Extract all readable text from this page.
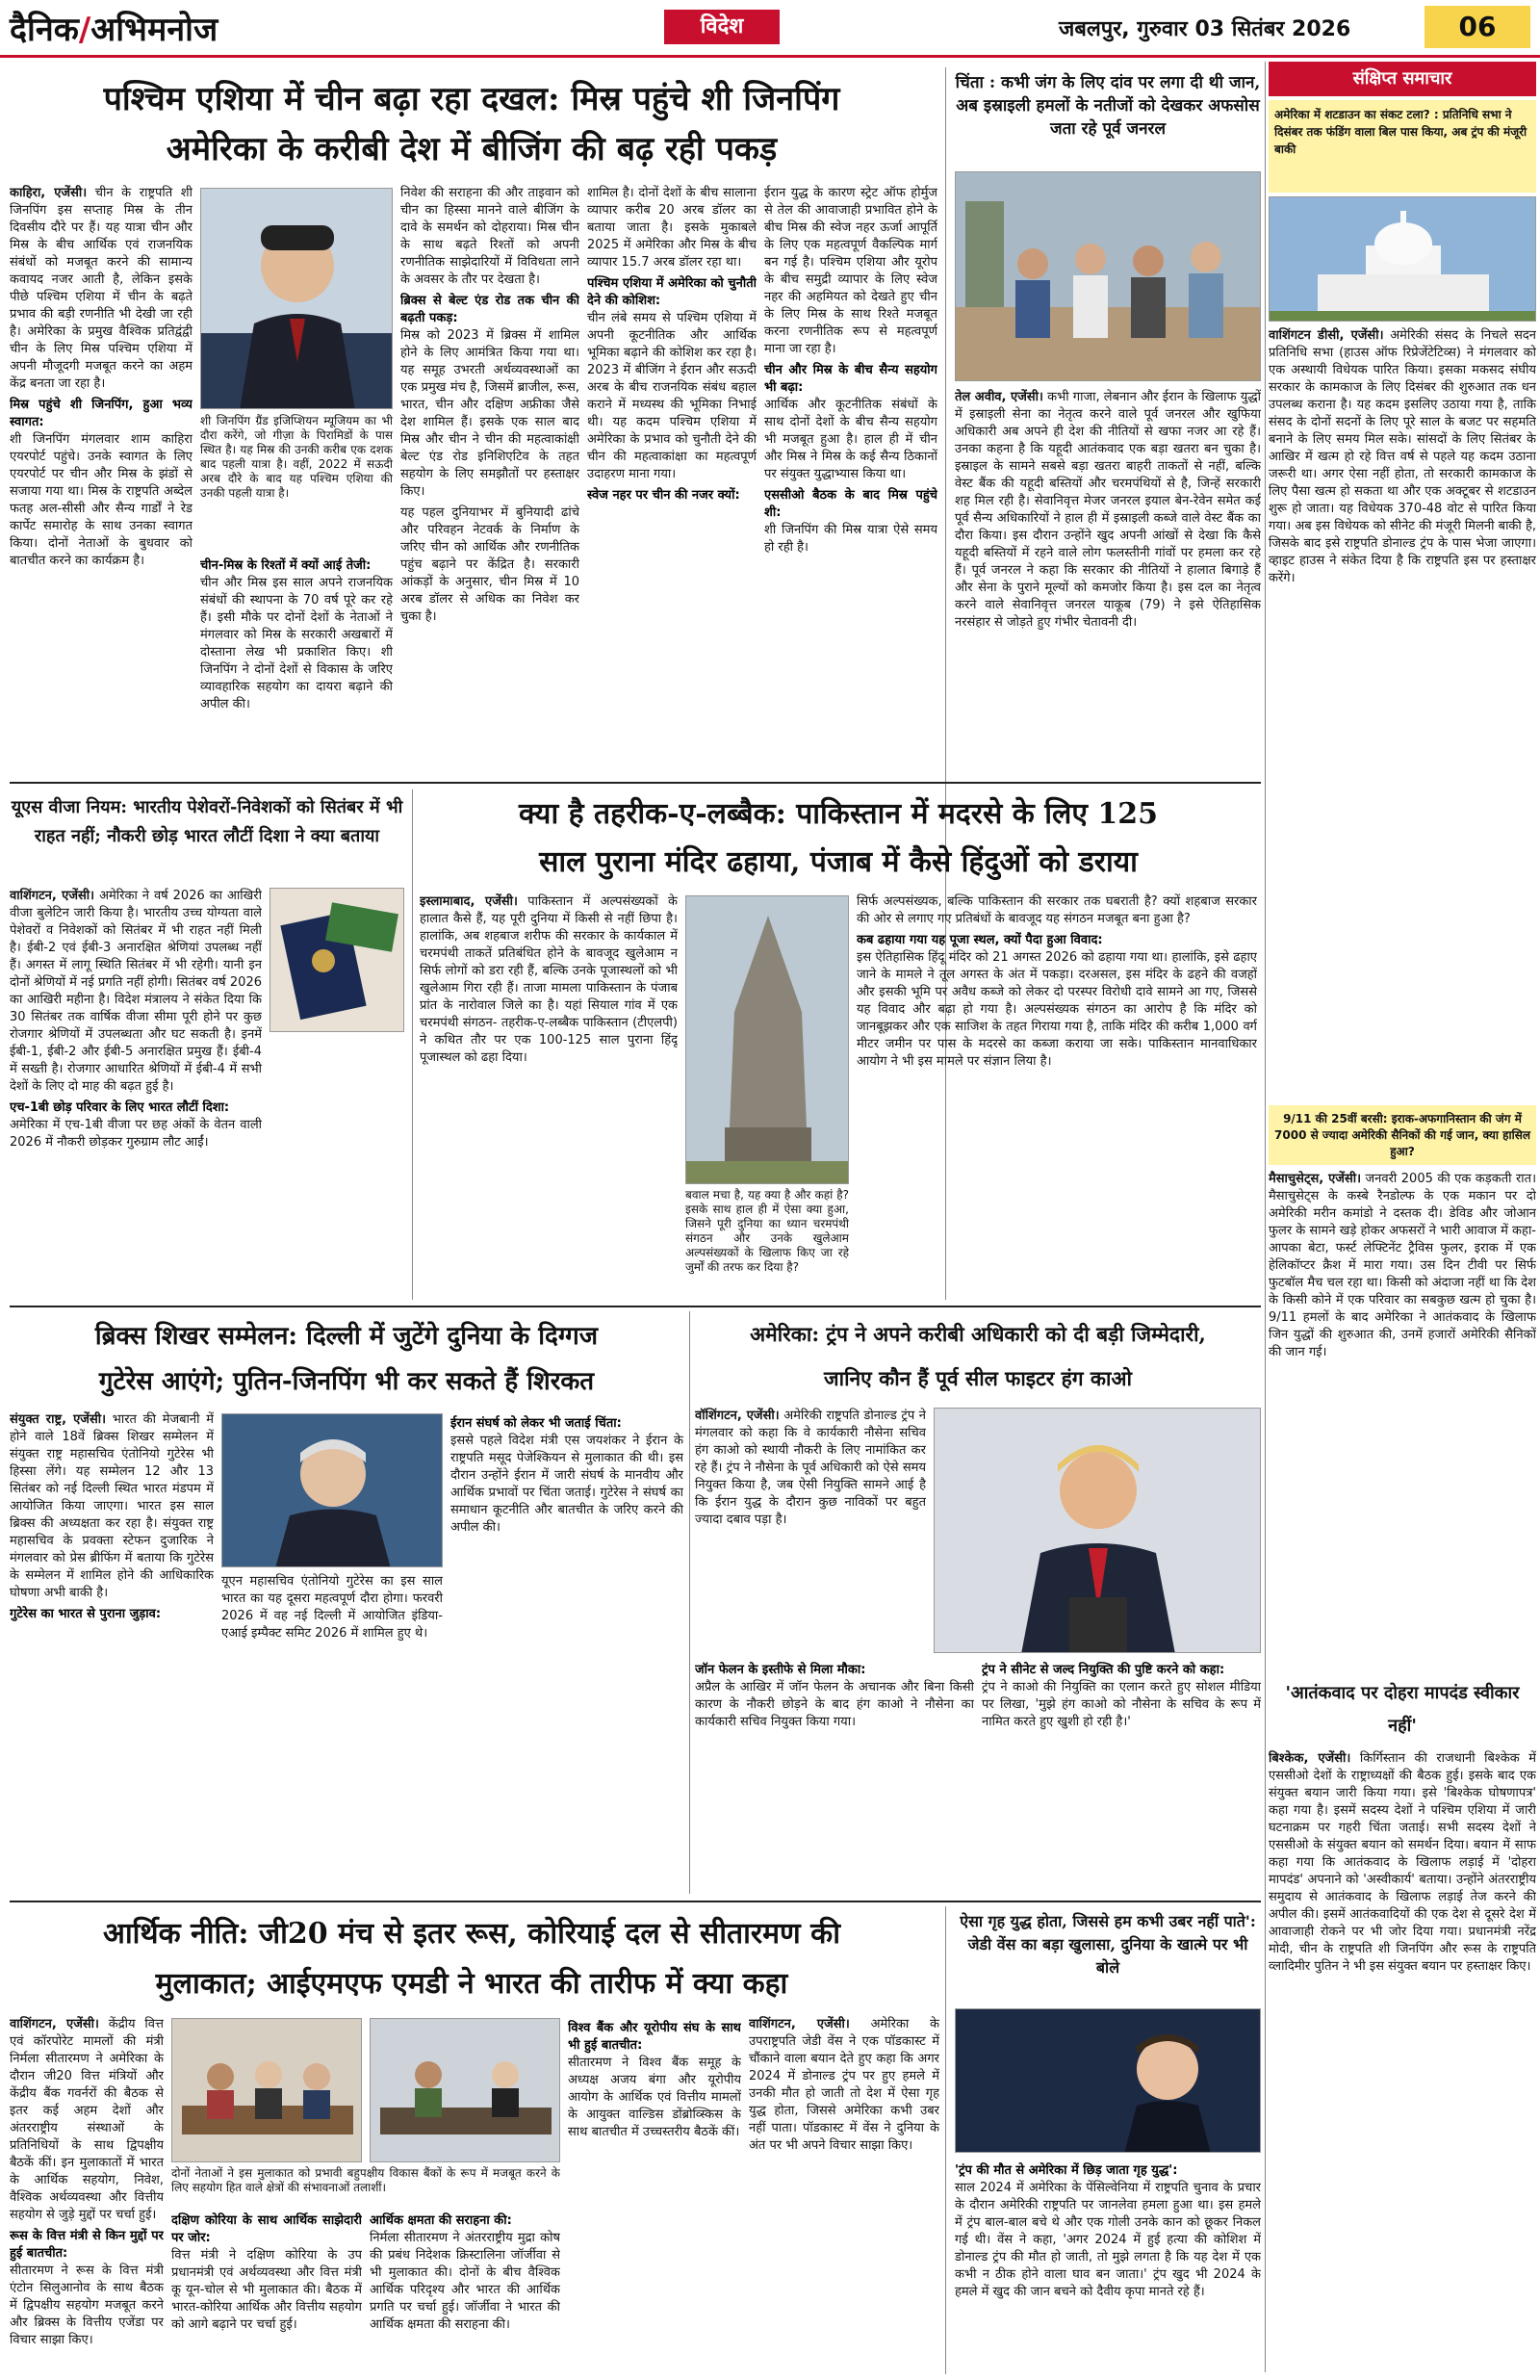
दैनिक/अभिमनोज	विदेश	जबलपुर, गुरुवार 03 सितंबर 2026	06
पश्चिम एशिया में चीन बढ़ा रहा दखल: मिस्र पहुंचे शी जिनपिंग
अमेरिका के करीबी देश में बीजिंग की बढ़ रही पकड़

काहिरा, एजेंसी। चीन के राष्ट्रपति शी जिनपिंग इस सप्ताह मिस्र के तीन दिवसीय दौरे पर हैं। यह यात्रा चीन और मिस्र के बीच आर्थिक एवं राजनयिक संबंधों को मजबूत करने की सामान्य कवायद नजर आती है, लेकिन इसके पीछे पश्चिम एशिया में चीन के बढ़ते प्रभाव की बड़ी रणनीति भी देखी जा रही है। अमेरिका के प्रमुख वैश्विक प्रतिद्वंद्वी चीन के लिए मिस्र पश्चिम एशिया में अपनी मौजूदगी मजबूत करने का अहम केंद्र बनता जा रहा है।

मिस्र पहुंचे शी जिनपिंग, हुआ भव्य स्वागत:

शी जिनपिंग मंगलवार शाम काहिरा एयरपोर्ट पहुंचे। उनके स्वागत के लिए एयरपोर्ट पर चीन और मिस्र के झंडों से सजाया गया था। मिस्र के राष्ट्रपति अब्देल फतह अल-सीसी और सैन्य गार्डों ने रेड कार्पेट समारोह के साथ उनका स्वागत किया। दोनों नेताओं के बुधवार को बातचीत करने का कार्यक्रम है।

शी जिनपिंग ग्रैंड इजिप्शियन म्यूजियम का भी दौरा करेंगे, जो गीज़ा के पिरामिडों के पास स्थित है। यह मिस्र की उनकी करीब एक दशक बाद पहली यात्रा है। वहीं, 2022 में सऊदी अरब दौरे के बाद यह पश्चिम एशिया की उनकी पहली यात्रा है।
चीन-मिस्र के रिश्तों में क्यों आई तेजी:

चीन और मिस्र इस साल अपने राजनयिक संबंधों की स्थापना के 70 वर्ष पूरे कर रहे हैं। इसी मौके पर दोनों देशों के नेताओं ने मंगलवार को मिस्र के सरकारी अखबारों में दोस्ताना लेख भी प्रकाशित किए। शी जिनपिंग ने दोनों देशों से विकास के जरिए व्यावहारिक सहयोग का दायरा बढ़ाने की अपील की।

निवेश की सराहना की और ताइवान को चीन का हिस्सा मानने वाले बीजिंग के दावे के समर्थन को दोहराया। मिस्र चीन के साथ बढ़ते रिश्तों को अपनी रणनीतिक साझेदारियों में विविधता लाने के अवसर के तौर पर देखता है।

ब्रिक्स से बेल्ट एंड रोड तक चीन की बढ़ती पकड़:

मिस्र को 2023 में ब्रिक्स में शामिल होने के लिए आमंत्रित किया गया था। यह समूह उभरती अर्थव्यवस्थाओं का एक प्रमुख मंच है, जिसमें ब्राजील, रूस, भारत, चीन और दक्षिण अफ्रीका जैसे देश शामिल हैं। इसके एक साल बाद मिस्र और चीन ने चीन की महत्वाकांक्षी बेल्ट एंड रोड इनिशिएटिव के तहत सहयोग के लिए समझौतों पर हस्ताक्षर किए।

यह पहल दुनियाभर में बुनियादी ढांचे और परिवहन नेटवर्क के निर्माण के जरिए चीन को आर्थिक और रणनीतिक पहुंच बढ़ाने पर केंद्रित है। सरकारी आंकड़ों के अनुसार, चीन मिस्र में 10 अरब डॉलर से अधिक का निवेश कर चुका है।

शामिल है। दोनों देशों के बीच सालाना व्यापार करीब 20 अरब डॉलर का बताया जाता है। इसके मुकाबले 2025 में अमेरिका और मिस्र के बीच व्यापार 15.7 अरब डॉलर रहा था।

पश्चिम एशिया में अमेरिका को चुनौती देने की कोशिश:

चीन लंबे समय से पश्चिम एशिया में अपनी कूटनीतिक और आर्थिक भूमिका बढ़ाने की कोशिश कर रहा है। 2023 में बीजिंग ने ईरान और सऊदी अरब के बीच राजनयिक संबंध बहाल कराने में मध्यस्थ की भूमिका निभाई थी। यह कदम पश्चिम एशिया में अमेरिका के प्रभाव को चुनौती देने की चीन की महत्वाकांक्षा का महत्वपूर्ण उदाहरण माना गया।

स्वेज नहर पर चीन की नजर क्यों:

ईरान युद्ध के कारण स्ट्रेट ऑफ होर्मुज से तेल की आवाजाही प्रभावित होने के बीच मिस्र की स्वेज नहर ऊर्जा आपूर्ति के लिए एक महत्वपूर्ण वैकल्पिक मार्ग बन गई है। पश्चिम एशिया और यूरोप के बीच समुद्री व्यापार के लिए स्वेज नहर की अहमियत को देखते हुए चीन के लिए मिस्र के साथ रिश्ते मजबूत करना रणनीतिक रूप से महत्वपूर्ण माना जा रहा है।

चीन और मिस्र के बीच सैन्य सहयोग भी बढ़ा:

आर्थिक और कूटनीतिक संबंधों के साथ दोनों देशों के बीच सैन्य सहयोग भी मजबूत हुआ है। हाल ही में चीन और मिस्र ने मिस्र के कई सैन्य ठिकानों पर संयुक्त युद्धाभ्यास किया था।

एससीओ बैठक के बाद मिस्र पहुंचे शी:

शी जिनपिंग की मिस्र यात्रा ऐसे समय हो रही है।

चिंता : कभी जंग के लिए दांव पर लगा दी थी जान, अब इस्राइली हमलों के नतीजों को देखकर अफसोस जता रहे पूर्व जनरल

तेल अवीव, एजेंसी। कभी गाजा, लेबनान और ईरान के खिलाफ युद्धों में इस्राइली सेना का नेतृत्व करने वाले पूर्व जनरल और खुफिया अधिकारी अब अपने ही देश की नीतियों से खफा नजर आ रहे हैं। उनका कहना है कि यहूदी आतंकवाद एक बड़ा खतरा बन चुका है। इस्राइल के सामने सबसे बड़ा खतरा बाहरी ताकतों से नहीं, बल्कि वेस्ट बैंक की यहूदी बस्तियों और चरमपंथियों से है, जिन्हें सरकारी शह मिल रही है। सेवानिवृत्त मेजर जनरल इयाल बेन-रेवेन समेत कई पूर्व सैन्य अधिकारियों ने हाल ही में इस्राइली कब्जे वाले वेस्ट बैंक का दौरा किया। इस दौरान उन्होंने खुद अपनी आंखों से देखा कि कैसे यहूदी बस्तियों में रहने वाले लोग फलस्तीनी गांवों पर हमला कर रहे हैं। पूर्व जनरल ने कहा कि सरकार की नीतियों ने हालात बिगाड़े हैं और सेना के पुराने मूल्यों को कमजोर किया है। इस दल का नेतृत्व करने वाले सेवानिवृत्त जनरल याकूब (79) ने इसे ऐतिहासिक नरसंहार से जोड़ते हुए गंभीर चेतावनी दी।

संक्षिप्त समाचार
अमेरिका में शटडाउन का संकट टला? : प्रतिनिधि सभा ने दिसंबर तक फंडिंग वाला बिल पास किया, अब ट्रंप की मंजूरी बाकी

वाशिंगटन डीसी, एजेंसी। अमेरिकी संसद के निचले सदन प्रतिनिधि सभा (हाउस ऑफ रिप्रेजेंटेटिव्स) ने मंगलवार को एक अस्थायी विधेयक पारित किया। इसका मकसद संघीय सरकार के कामकाज के लिए दिसंबर की शुरुआत तक धन उपलब्ध कराना है। यह कदम इसलिए उठाया गया है, ताकि संसद के दोनों सदनों के लिए पूरे साल के बजट पर सहमति बनाने के लिए समय मिल सके। सांसदों के लिए सितंबर के आखिर में खत्म हो रहे वित्त वर्ष से पहले यह कदम उठाना जरूरी था। अगर ऐसा नहीं होता, तो सरकारी कामकाज के लिए पैसा खत्म हो सकता था और एक अक्टूबर से शटडाउन शुरू हो जाता। यह विधेयक 370-48 वोट से पारित किया गया। अब इस विधेयक को सीनेट की मंजूरी मिलनी बाकी है, जिसके बाद इसे राष्ट्रपति डोनाल्ड ट्रंप के पास भेजा जाएगा। व्हाइट हाउस ने संकेत दिया है कि राष्ट्रपति इस पर हस्ताक्षर करेंगे।

9/11 की 25वीं बरसी: इराक-अफगानिस्तान की जंग में 7000 से ज्यादा अमेरिकी सैनिकों की गई जान, क्या हासिल हुआ?

मैसाचुसेट्स, एजेंसी। जनवरी 2005 की एक कड़कती रात। मैसाचुसेट्स के कस्बे रैनडोल्फ के एक मकान पर दो अमेरिकी मरीन कमांडो ने दस्तक दी। डेविड और जोआन फुलर के सामने खड़े होकर अफसरों ने भारी आवाज में कहा-आपका बेटा, फर्स्ट लेफ्टिनेंट ट्रैविस फुलर, इराक में एक हेलिकॉप्टर क्रैश में मारा गया। उस दिन टीवी पर सिर्फ फुटबॉल मैच चल रहा था। किसी को अंदाजा नहीं था कि देश के किसी कोने में एक परिवार का सबकुछ खत्म हो चुका है। 9/11 हमलों के बाद अमेरिका ने आतंकवाद के खिलाफ जिन युद्धों की शुरुआत की, उनमें हजारों अमेरिकी सैनिकों की जान गई।

'आतंकवाद पर दोहरा मापदंड स्वीकार नहीं'

बिश्केक, एजेंसी। किर्गिस्तान की राजधानी बिश्केक में एससीओ देशों के राष्ट्राध्यक्षों की बैठक हुई। इसके बाद एक संयुक्त बयान जारी किया गया। इसे 'बिश्केक घोषणापत्र' कहा गया है। इसमें सदस्य देशों ने पश्चिम एशिया में जारी घटनाक्रम पर गहरी चिंता जताई। सभी सदस्य देशों ने एससीओ के संयुक्त बयान को समर्थन दिया। बयान में साफ कहा गया कि आतंकवाद के खिलाफ लड़ाई में 'दोहरा मापदंड' अपनाने को 'अस्वीकार्य' बताया। उन्होंने अंतरराष्ट्रीय समुदाय से आतंकवाद के खिलाफ लड़ाई तेज करने की अपील की। इसमें आतंकवादियों की एक देश से दूसरे देश में आवाजाही रोकने पर भी जोर दिया गया। प्रधानमंत्री नरेंद्र मोदी, चीन के राष्ट्रपति शी जिनपिंग और रूस के राष्ट्रपति व्लादिमीर पुतिन ने भी इस संयुक्त बयान पर हस्ताक्षर किए।

यूएस वीजा नियम: भारतीय पेशेवरों-निवेशकों को सितंबर में भी राहत नहीं; नौकरी छोड़ भारत लौटीं दिशा ने क्या बताया

वाशिंगटन, एजेंसी। अमेरिका ने वर्ष 2026 का आखिरी वीजा बुलेटिन जारी किया है। भारतीय उच्च योग्यता वाले पेशेवरों व निवेशकों को सितंबर में भी राहत नहीं मिली है। ईबी-2 एवं ईबी-3 अनारक्षित श्रेणियां उपलब्ध नहीं हैं। अगस्त में लागू स्थिति सितंबर में भी रहेगी। यानी इन दोनों श्रेणियों में नई प्रगति नहीं होगी। सितंबर वर्ष 2026 का आखिरी महीना है। विदेश मंत्रालय ने संकेत दिया कि 30 सितंबर तक वार्षिक वीजा सीमा पूरी होने पर कुछ रोजगार श्रेणियों में उपलब्धता और घट सकती है। इनमें ईबी-1, ईबी-2 और ईबी-5 अनारक्षित प्रमुख हैं। ईबी-4 में सख्ती है। रोजगार आधारित श्रेणियों में ईबी-4 में सभी देशों के लिए दो माह की बढ़त हुई है।

एच-1बी छोड़ परिवार के लिए भारत लौटीं दिशा:

अमेरिका में एच-1बी वीजा पर छह अंकों के वेतन वाली 2026 में नौकरी छोड़कर गुरुग्राम लौट आईं।

क्या है तहरीक-ए-लब्बैक: पाकिस्तान में मदरसे के लिए 125
साल पुराना मंदिर ढहाया, पंजाब में कैसे हिंदुओं को डराया

इस्लामाबाद, एजेंसी। पाकिस्तान में अल्पसंख्यकों के हालात कैसे हैं, यह पूरी दुनिया में किसी से नहीं छिपा है। हालांकि, अब शहबाज शरीफ की सरकार के कार्यकाल में चरमपंथी ताकतें प्रतिबंधित होने के बावजूद खुलेआम न सिर्फ लोगों को डरा रही हैं, बल्कि उनके पूजास्थलों को भी खुलेआम गिरा रही हैं। ताजा मामला पाकिस्तान के पंजाब प्रांत के नारोवाल जिले का है। यहां सियाल गांव में एक चरमपंथी संगठन- तहरीक-ए-लब्बैक पाकिस्तान (टीएलपी) ने कथित तौर पर एक 100-125 साल पुराना हिंदू पूजास्थल को ढहा दिया।

बवाल मचा है, यह क्या है और कहां है? इसके साथ हाल ही में ऐसा क्या हुआ, जिसने पूरी दुनिया का ध्यान चरमपंथी संगठन और उनके खुलेआम अल्पसंख्यकों के खिलाफ किए जा रहे जुर्मों की तरफ कर दिया है?

सिर्फ अल्पसंख्यक, बल्कि पाकिस्तान की सरकार तक घबराती है? क्यों शहबाज सरकार की ओर से लगाए गए प्रतिबंधों के बावजूद यह संगठन मजबूत बना हुआ है?

कब ढहाया गया यह पूजा स्थल, क्यों पैदा हुआ विवाद:

इस ऐतिहासिक हिंदू मंदिर को 21 अगस्त 2026 को ढहाया गया था। हालांकि, इसे ढहाए जाने के मामले ने तूल अगस्त के अंत में पकड़ा। दरअसल, इस मंदिर के ढहने की वजहों और इसकी भूमि पर अवैध कब्जे को लेकर दो परस्पर विरोधी दावे सामने आ गए, जिससे यह विवाद और बढ़ा हो गया है। अल्पसंख्यक संगठन का आरोप है कि मंदिर को जानबूझकर और एक साजिश के तहत गिराया गया है, ताकि मंदिर की करीब 1,000 वर्ग मीटर जमीन पर पास के मदरसे का कब्जा कराया जा सके। पाकिस्तान मानवाधिकार आयोग ने भी इस मामले पर संज्ञान लिया है।

ब्रिक्स शिखर सम्मेलन: दिल्ली में जुटेंगे दुनिया के दिग्गज
गुटेरेस आएंगे; पुतिन-जिनपिंग भी कर सकते हैं शिरकत

संयुक्त राष्ट्र, एजेंसी। भारत की मेजबानी में होने वाले 18वें ब्रिक्स शिखर सम्मेलन में संयुक्त राष्ट्र महासचिव एंतोनियो गुटेरेस भी हिस्सा लेंगे। यह सम्मेलन 12 और 13 सितंबर को नई दिल्ली स्थित भारत मंडपम में आयोजित किया जाएगा। भारत इस साल ब्रिक्स की अध्यक्षता कर रहा है। संयुक्त राष्ट्र महासचिव के प्रवक्ता स्टेफन दुजारिक ने मंगलवार को प्रेस ब्रीफिंग में बताया कि गुटेरेस के सम्मेलन में शामिल होने की आधिकारिक घोषणा अभी बाकी है।

गुटेरेस का भारत से पुराना जुड़ाव:

यूएन महासचिव एंतोनियो गुटेरेस का इस साल भारत का यह दूसरा महत्वपूर्ण दौरा होगा। फरवरी 2026 में वह नई दिल्ली में आयोजित इंडिया-एआई इम्पैक्ट समिट 2026 में शामिल हुए थे।

ईरान संघर्ष को लेकर भी जताई चिंता:

इससे पहले विदेश मंत्री एस जयशंकर ने ईरान के राष्ट्रपति मसूद पेजेश्कियन से मुलाकात की थी। इस दौरान उन्होंने ईरान में जारी संघर्ष के मानवीय और आर्थिक प्रभावों पर चिंता जताई। गुटेरेस ने संघर्ष का समाधान कूटनीति और बातचीत के जरिए करने की अपील की।

अमेरिका: ट्रंप ने अपने करीबी अधिकारी को दी बड़ी जिम्मेदारी,
जानिए कौन हैं पूर्व सील फाइटर हंग काओ

वॉशिंगटन, एजेंसी। अमेरिकी राष्ट्रपति डोनाल्ड ट्रंप ने मंगलवार को कहा कि वे कार्यकारी नौसेना सचिव हंग काओ को स्थायी नौकरी के लिए नामांकित कर रहे हैं। ट्रंप ने नौसेना के पूर्व अधिकारी को ऐसे समय नियुक्त किया है, जब ऐसी नियुक्ति सामने आई है कि ईरान युद्ध के दौरान कुछ नाविकों पर बहुत ज्यादा दबाव पड़ा है।

जॉन फेलन के इस्तीफे से मिला मौका:

अप्रैल के आखिर में जॉन फेलन के अचानक और बिना किसी कारण के नौकरी छोड़ने के बाद हंग काओ ने नौसेना का कार्यकारी सचिव नियुक्त किया गया।

ट्रंप ने सीनेट से जल्द नियुक्ति की पुष्टि करने को कहा:

ट्रंप ने काओ की नियुक्ति का एलान करते हुए सोशल मीडिया पर लिखा, 'मुझे हंग काओ को नौसेना के सचिव के रूप में नामित करते हुए खुशी हो रही है।'

आर्थिक नीति: जी20 मंच से इतर रूस, कोरियाई दल से सीतारमण की
मुलाकात; आईएमएफ एमडी ने भारत की तारीफ में क्या कहा

वाशिंगटन, एजेंसी। केंद्रीय वित्त एवं कॉरपोरेट मामलों की मंत्री निर्मला सीतारमण ने अमेरिका के दौरान जी20 वित्त मंत्रियों और केंद्रीय बैंक गवर्नरों की बैठक से इतर कई अहम देशों और अंतरराष्ट्रीय संस्थाओं के प्रतिनिधियों के साथ द्विपक्षीय बैठकें कीं। इन मुलाकातों में भारत के आर्थिक सहयोग, निवेश, वैश्विक अर्थव्यवस्था और वित्तीय सहयोग से जुड़े मुद्दों पर चर्चा हुई।

रूस के वित्त मंत्री से किन मुद्दों पर हुई बातचीत:

सीतारमण ने रूस के वित्त मंत्री एंटोन सिलुआनोव के साथ बैठक में द्विपक्षीय सहयोग मजबूत करने और ब्रिक्स के वित्तीय एजेंडा पर विचार साझा किए।

दोनों नेताओं ने इस मुलाकात को प्रभावी बहुपक्षीय विकास बैंकों के रूप में मजबूत करने के लिए सहयोग हित वाले क्षेत्रों की संभावनाओं तलाशीं।
दक्षिण कोरिया के साथ आर्थिक साझेदारी पर जोर:

वित्त मंत्री ने दक्षिण कोरिया के उप प्रधानमंत्री एवं अर्थव्यवस्था और वित्त मंत्री कू यून-चोल से भी मुलाकात की। बैठक में भारत-कोरिया आर्थिक और वित्तीय सहयोग को आगे बढ़ाने पर चर्चा हुई।

आर्थिक क्षमता की सराहना की:

निर्मला सीतारमण ने अंतरराष्ट्रीय मुद्रा कोष की प्रबंध निदेशक क्रिस्टालिना जॉर्जीवा से भी मुलाकात की। दोनों के बीच वैश्विक आर्थिक परिदृश्य और भारत की आर्थिक प्रगति पर चर्चा हुई। जॉर्जीवा ने भारत की आर्थिक क्षमता की सराहना की।

विश्व बैंक और यूरोपीय संघ के साथ भी हुई बातचीत:

सीतारमण ने विश्व बैंक समूह के अध्यक्ष अजय बंगा और यूरोपीय आयोग के आर्थिक एवं वित्तीय मामलों के आयुक्त वाल्डिस डोंब्रोव्स्किस के साथ बातचीत में उच्चस्तरीय बैठकें कीं।

ऐसा गृह युद्ध होता, जिससे हम कभी उबर नहीं पाते': जेडी वेंस का बड़ा खुलासा, दुनिया के खात्मे पर भी बोले

वाशिंगटन, एजेंसी। अमेरिका के उपराष्ट्रपति जेडी वेंस ने एक पॉडकास्ट में चौंकाने वाला बयान देते हुए कहा कि अगर 2024 में डोनाल्ड ट्रंप पर हुए हमले में उनकी मौत हो जाती तो देश में ऐसा गृह युद्ध होता, जिससे अमेरिका कभी उबर नहीं पाता। पॉडकास्ट में वेंस ने दुनिया के अंत पर भी अपने विचार साझा किए।

'ट्रंप की मौत से अमेरिका में छिड़ जाता गृह युद्ध':

साल 2024 में अमेरिका के पेंसिल्वेनिया में राष्ट्रपति चुनाव के प्रचार के दौरान अमेरिकी राष्ट्रपति पर जानलेवा हमला हुआ था। इस हमले में ट्रंप बाल-बाल बचे थे और एक गोली उनके कान को छूकर निकल गई थी। वेंस ने कहा, 'अगर 2024 में हुई हत्या की कोशिश में डोनाल्ड ट्रंप की मौत हो जाती, तो मुझे लगता है कि यह देश में एक कभी न ठीक होने वाला घाव बन जाता।' ट्रंप खुद भी 2024 के हमले में खुद की जान बचने को दैवीय कृपा मानते रहे हैं।
